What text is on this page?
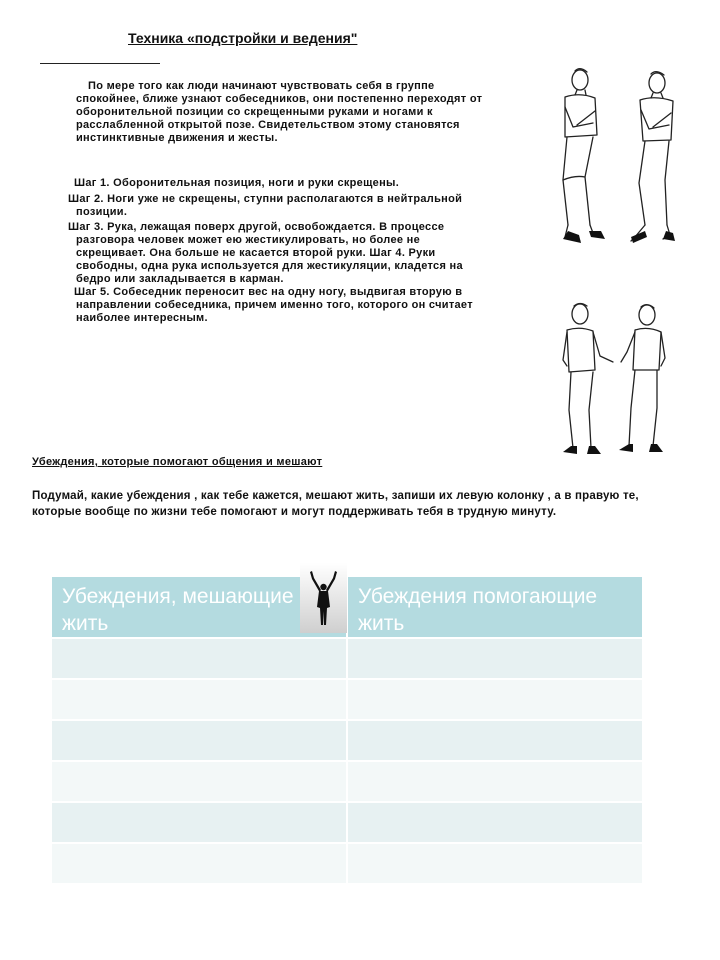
Техника «подстройки и ведения"
По мере того как люди начинают чувствовать себя в группе спокойнее, ближе узнают собеседников, они постепенно переходят от оборонительной позиции со скрещенными руками и ногами к расслабленной открытой позе. Свидетельством этому становятся инстинктивные движения и жесты.
Шаг 1. Оборонительная позиция, ноги и руки скрещены.
Шаг 2. Ноги уже не скрещены, ступни располагаются в нейтральной позиции.
Шаг 3. Рука, лежащая поверх другой, освобождается. В процессе разговора человек может ею жестикулировать, но более не скрещивает. Она больше не касается второй руки. Шаг 4. Руки свободны, одна рука используется для жестикуляции, кладется на бедро или закладывается в карман.
Шаг 5. Собеседник переносит вес на одну ногу, выдвигая вторую в направлении собеседника, причем именно того, которого он считает наиболее интересным.
Убеждения, которые помогают общения и мешают
Подумай, какие убеждения , как тебе кажется, мешают жить, запиши их левую колонку , а в правую те, которые вообще по жизни тебе помогают и могут поддерживать тебя в трудную минуту.
Убеждения, мешающие жить	Убеждения помогающие жить
